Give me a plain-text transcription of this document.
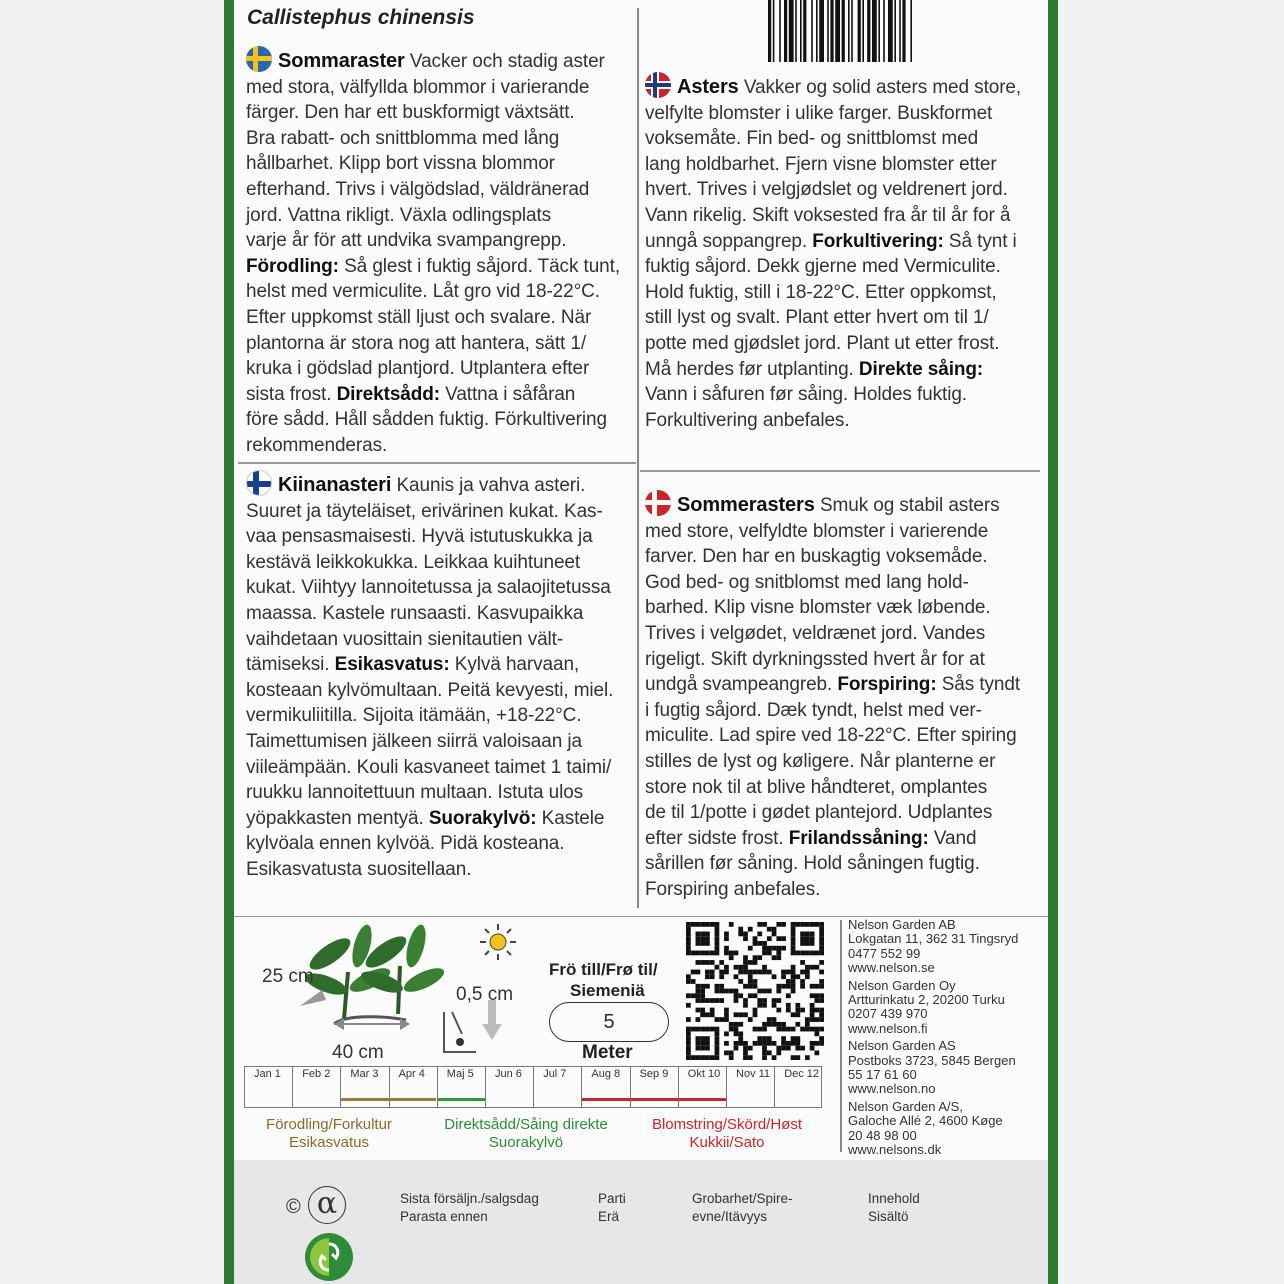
Callistephus chinensis
Sommaraster Vacker och stadig aster
med stora, välfyllda blommor i varierande
färger. Den har ett buskformigt växtsätt.
Bra rabatt- och snittblomma med lång
hållbarhet. Klipp bort vissna blommor
efterhand. Trivs i välgödslad, väldränerad
jord. Vattna rikligt. Växla odlingsplats
varje år för att undvika svampangrepp.
Förodling: Så glest i fuktig såjord. Täck tunt,
helst med vermiculite. Låt gro vid 18-22°C.
Efter uppkomst ställ ljust och svalare. När
plantorna är stora nog att hantera, sätt 1/
kruka i gödslad plantjord. Utplantera efter
sista frost. Direktsådd: Vattna i såfåran
före sådd. Håll sådden fuktig. Förkultivering
rekommenderas.
Kiinanasteri Kaunis ja vahva asteri.
Suuret ja täyteläiset, erivärinen kukat. Kas-
vaa pensasmaisesti. Hyvä istutuskukka ja
kestävä leikkokukka. Leikkaa kuihtuneet
kukat. Viihtyy lannoitetussa ja salaojitetussa
maassa. Kastele runsaasti. Kasvupaikka
vaihdetaan vuosittain sienitautien vält-
tämiseksi. Esikasvatus: Kylvä harvaan,
kosteaan kylvömultaan. Peitä kevyesti, miel.
vermikuliitilla. Sijoita itämään, +18-22°C.
Taimettumisen jälkeen siirrä valoisaan ja
viileämpään. Kouli kasvaneet taimet 1 taimi/
ruukku lannoitettuun multaan. Istuta ulos
yöpakkasten mentyä. Suorakylvö: Kastele
kylvöala ennen kylvöä. Pidä kosteana.
Esikasvatusta suositellaan.
Asters Vakker og solid asters med store,
velfylte blomster i ulike farger. Buskformet
voksemåte. Fin bed- og snittblomst med
lang holdbarhet. Fjern visne blomster etter
hvert. Trives i velgjødslet og veldrenert jord.
Vann rikelig. Skift voksested fra år til år for å
unngå soppangrep. Forkultivering: Så tynt i
fuktig såjord. Dekk gjerne med Vermiculite.
Hold fuktig, still i 18-22°C. Etter oppkomst,
still lyst og svalt. Plant etter hvert om til 1/
potte med gjødslet jord. Plant ut etter frost.
Må herdes før utplanting. Direkte såing:
Vann i såfuren før såing. Holdes fuktig.
Forkultivering anbefales.
Sommerasters Smuk og stabil asters
med store, velfyldte blomster i varierende
farver. Den har en buskagtig voksemåde.
God bed- og snitblomst med lang hold-
barhed. Klip visne blomster væk løbende.
Trives i velgødet, veldrænet jord. Vandes
rigeligt. Skift dyrkningssted hvert år for at
undgå svampeangreb. Forspiring: Sås tyndt
i fugtig såjord. Dæk tyndt, helst med ver-
miculite. Lad spire ved 18-22°C. Efter spiring
stilles de lyst og køligere. Når planterne er
store nok til at blive håndteret, omplantes
de til 1/potte i gødet plantejord. Udplantes
efter sidste frost. Frilandssåning: Vand
sårillen før såning. Hold såningen fugtig.
Forspiring anbefales.
25 cm
0,5 cm
40 cm
Frö till/Frø til/
Siemeniä
5
Meter
Nelson Garden AB
Lokgatan 11, 362 31 Tingsryd
0477 552 99
www.nelson.se
Nelson Garden Oy
Artturinkatu 2, 20200 Turku
0207 439 970
www.nelson.fi
Nelson Garden AS
Postboks 3723, 5845 Bergen
55 17 61 60
www.nelson.no
Nelson Garden A/S,
Galoche Allé 2, 4600 Køge
20 48 98 00
www.nelsons.dk
Jan 1 Feb 2 Mar 3 Apr 4 Maj 5 Jun 6 Jul 7 Aug 8 Sep 9 Okt 10 Nov 11 Dec 12
Förodling/Forkultur
Esikasvatus
Direktsådd/Såing direkte
Suorakylvö
Blomstring/Skörd/Høst
Kukkii/Sato
© α	Sista försäljn./salgsdag
Parasta ennen
Parti
Erä
Grobarhet/Spire-
evne/Itävyys
Innehold
Sisältö
